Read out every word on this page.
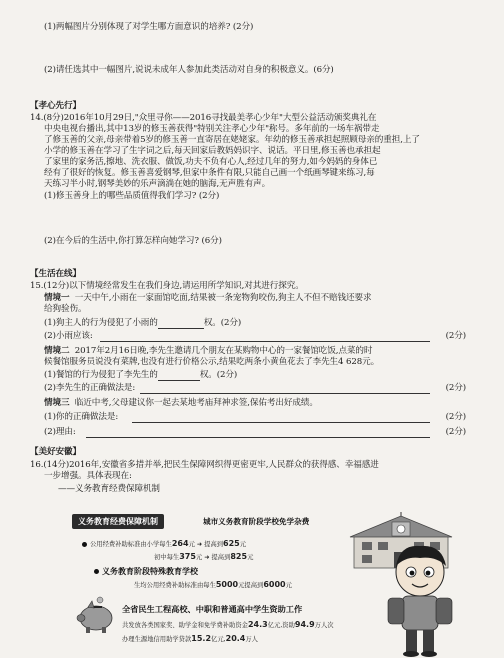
(1)两幅图片分别体现了对学生哪方面意识的培养? (2分)
(2)请任选其中一幅图片,说说未成年人参加此类活动对自身的积极意义。(6分)
【孝心先行】
14.(8分)2016年10月29日,"众里寻你——2016寻找最美孝心少年"大型公益活动颁奖典礼在
中央电视台播出,其中13岁的修玉善获得"特别关注孝心少年"称号。多年前的一场车祸带走
了修玉善的父亲,母亲带着5岁的修玉善一直寄居在姥姥家。年幼的修玉善承担起照顾母亲的重担,上了
小学的修玉善在学习了生字词之后,每天回家后教妈妈识字、说话。平日里,修玉善也承担起
了家里的家务活,擦地、洗衣服、做饭,功夫不负有心人,经过几年的努力,如今妈妈的身体已
经有了很好的恢复。修玉善喜爱钢琴,但家中条件有限,只能自己画一个纸画琴键来练习,每
天练习半小时,钢琴美妙的乐声滴淌在她的脑海,无声胜有声。
(1)修玉善身上的哪些品质值得我们学习? (2分)
(2)在今后的生活中,你打算怎样向她学习? (6分)
【生活在线】
15.(12分)以下情境经常发生在我们身边,请运用所学知识,对其进行探究。
情境一 一天中午,小雨在一家面馆吃面,结果被一条宠物狗咬伤,狗主人不但不赔钱还要求
给狗验伤。
(1)狗主人的行为侵犯了小雨的	权。(2分)
(2)小雨应该:	(2分)
情境二 2017年2月16日晚,李先生邀请几个朋友在某购物中心的一家餐馆吃饭,点菜的时
候餐馆服务员说没有菜牌,也没有进行价格公示,结果吃两条小黄鱼花去了李先生4 628元。
(1)餐馆的行为侵犯了李先生的	权。(2分)
(2)李先生的正确做法是:	(2分)
情境三 临近中考,父母建议你一起去某地考庙拜神求签,保佑考出好成绩。
(1)你的正确做法是:	(2分)
(2)理由:	(2分)
【美好安徽】
16.(14分)2016年,安徽省多措并举,把民生保障网织得更密更牢,人民群众的获得感、幸福感进
一步增强。具体表现在:
——义务教育经费保障机制
义务教育经费保障机制	城市义务教育阶段学校免学杂费
公用经费补助标准由小学每生264元 ➜ 提高到625元
初中每生375元 ➜ 提高到825元
义务教育阶段特殊教育学校
生均公用经费补助标准由每生5000元提高到6000元
全省民生工程高校、中职和普通高中学生资助工作
共发放各类国家奖、助学金和免学费补助资金24.3亿元,资助94.9万人次
办理生源地信用助学贷款15.2亿元,20.4万人
